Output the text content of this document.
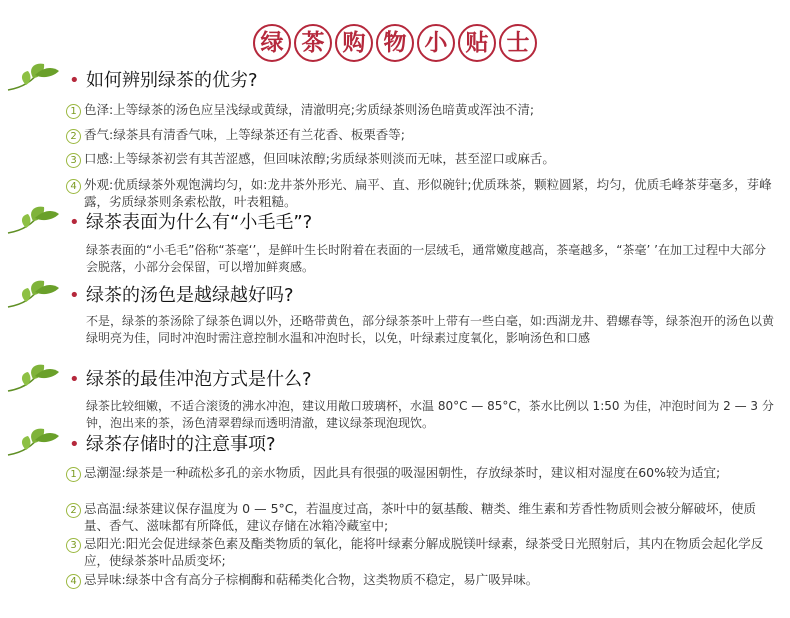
绿 茶 购 物 小 贴 士
• 如何辨别绿茶的优劣?
1 色泽:上等绿茶的汤色应呈浅绿或黄绿，清澈明亮;劣质绿茶则汤色暗黄或浑浊不清;
2 香气:绿茶具有清香气味，上等绿茶还有兰花香、板栗香等;
3 口感:上等绿茶初尝有其苦涩感，但回味浓醇;劣质绿茶则淡而无味，甚至涩口或麻舌。
4 外观:优质绿茶外观饱满均匀，如:龙井茶外形光、扁平、直、形似碗针;优质珠茶，颗粒圆紧，均匀，优质毛峰茶芽毫多，芽峰露，劣质绿茶则条索松散，叶表粗糙。
• 绿茶表面为什么有“小毛毛”?
绿茶表面的“小毛毛”俗称“茶毫‘’，是鲜叶生长时附着在表面的一层绒毛，通常嫩度越高，茶毫越多，“茶毫’ ’在加工过程中大部分会脱落，小部分会保留，可以增加鲜爽感。
• 绿茶的汤色是越绿越好吗?
不是，绿茶的茶汤除了绿茶色调以外，还略带黄色，部分绿茶茶叶上带有一些白毫，如:西湖龙井、碧螺春等，绿茶泡开的汤色以黄绿明亮为佳，同时冲泡时需注意控制水温和冲泡时长，以免，叶绿素过度氧化，影响汤色和口感
• 绿茶的最佳冲泡方式是什么?
绿茶比较细嫩，不适合滚烫的沸水冲泡，建议用敞口玻璃杯，水温 80°C — 85°C，茶水比例以 1:50 为佳，冲泡时间为 2 — 3 分钟，泡出来的茶，汤色清翠碧绿而透明清澈，建议绿茶现泡现饮。
• 绿茶存储时的注意事项?
1 忌潮湿:绿茶是一种疏松多孔的亲水物质，因此具有很强的吸湿困朝性，存放绿茶时，建议相对湿度在60%较为适宜;
2 忌高温:绿茶建议保存温度为 0 — 5°C，若温度过高，茶叶中的氨基酸、糖类、维生素和芳香性物质则会被分解破坏，使质量、香气、滋味都有所降低，建议存储在冰箱冷藏室中;
3 忌阳光:阳光会促进绿茶色素及酯类物质的氧化，能将叶绿素分解成脱镁叶绿素，绿茶受日光照射后，其内在物质会起化学反应，使绿茶茶叶品质变坏;
4 忌异味:绿茶中含有高分子棕榈酶和萜稀类化合物，这类物质不稳定，易广吸异味。
